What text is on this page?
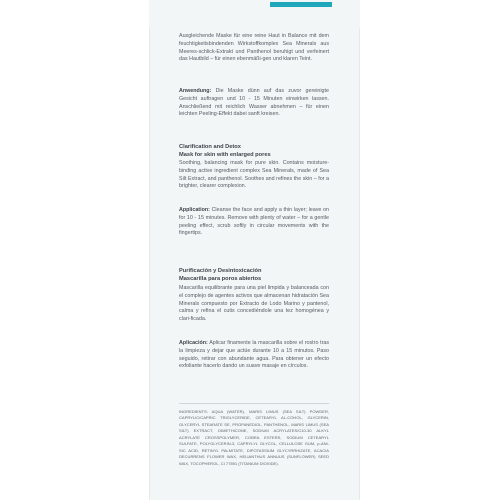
Ausgleichende Maske für eine reine Haut in Balance mit dem feuchtigkeitsbindenden Wirkstoffkomplex Sea Minerals aus Meeres-schlick-Extrakt und Panthenol beruhigt und verfeinert das Hautbild – für einen ebenmäßi-gen und klaren Teint.

Anwendung: Die Maske dünn auf das zuvor gereinigte Gesicht auftragen und 10 - 15 Minuten einwirken lassen. Anschließend mit reichlich Wasser abnehmen – für einen leichten Peeling-Effekt dabei sanft kreisen.

Clarification and Detox

Mask for skin with enlarged pores

Soothing, balancing mask for pure skin. Contains moisture-binding active ingredient complex Sea Minerals, made of Sea Silt Extract, and panthenol. Soothes and refines the skin – for a brighter, clearer complexion.

Application: Cleanse the face and apply a thin layer; leave on for 10 - 15 minutes. Remove with plenty of water – for a gentle peeling effect, scrub softly in circular movements with the fingertips.

Purificación y Desintoxicación

Mascarilla para poros abiertos

Mascarilla equilibrante para una piel limpida y balanceada con el complejo de agentes activos que almacenan hidratación Sea Minerals compuesto por Extracto de Lodo Marino y pantenol, calma y refina el cutis concediéndole una tez homogénea y clari-ficada.

Aplicación: Aplicar finamente la mascarilla sobre el rostro tras la limpieza y dejar que actúe durante 10 a 15 minutos. Paso seguido, retirar con abundante agua. Para obtener un efecto exfoliante hacerlo dando un suave masaje en círculos.

INGREDIENTS: AQUA (WATER), MARIS LIMUS (SEA SILT) POWDER, CAPRYLIC/CAPRIC TRIGLYCERIDE, CETEARYL AL-COHOL, GLYCERIN, GLYCERYL STEARATE SE, PROPANEDIOL, PANTHENOL, MARIS LIMUS (SEA SILT) EXTRACT, DIMETHICONE, SODIUM ACRYLATES/C10-30 ALKYL ACRYLATE CROSSPOLYMER, COBRA ESTERS, SODIUM CETEARYL SULFATE, POLYGLYCERIN-3, CAPRYLYL GLYCOL, CELLULOSE GUM, p-ANI-SIC ACID, RETINYL PALMITATE, DIPOTASSIUM GLYCYRRHIZATE, ACACIA DECURRENS FLOWER WAX, HELIANTHUS ANNUUS (SUNFLOWER) SEED WAX, TOCOPHEROL, CI 77891 (TITANIUM DIOXIDE).
